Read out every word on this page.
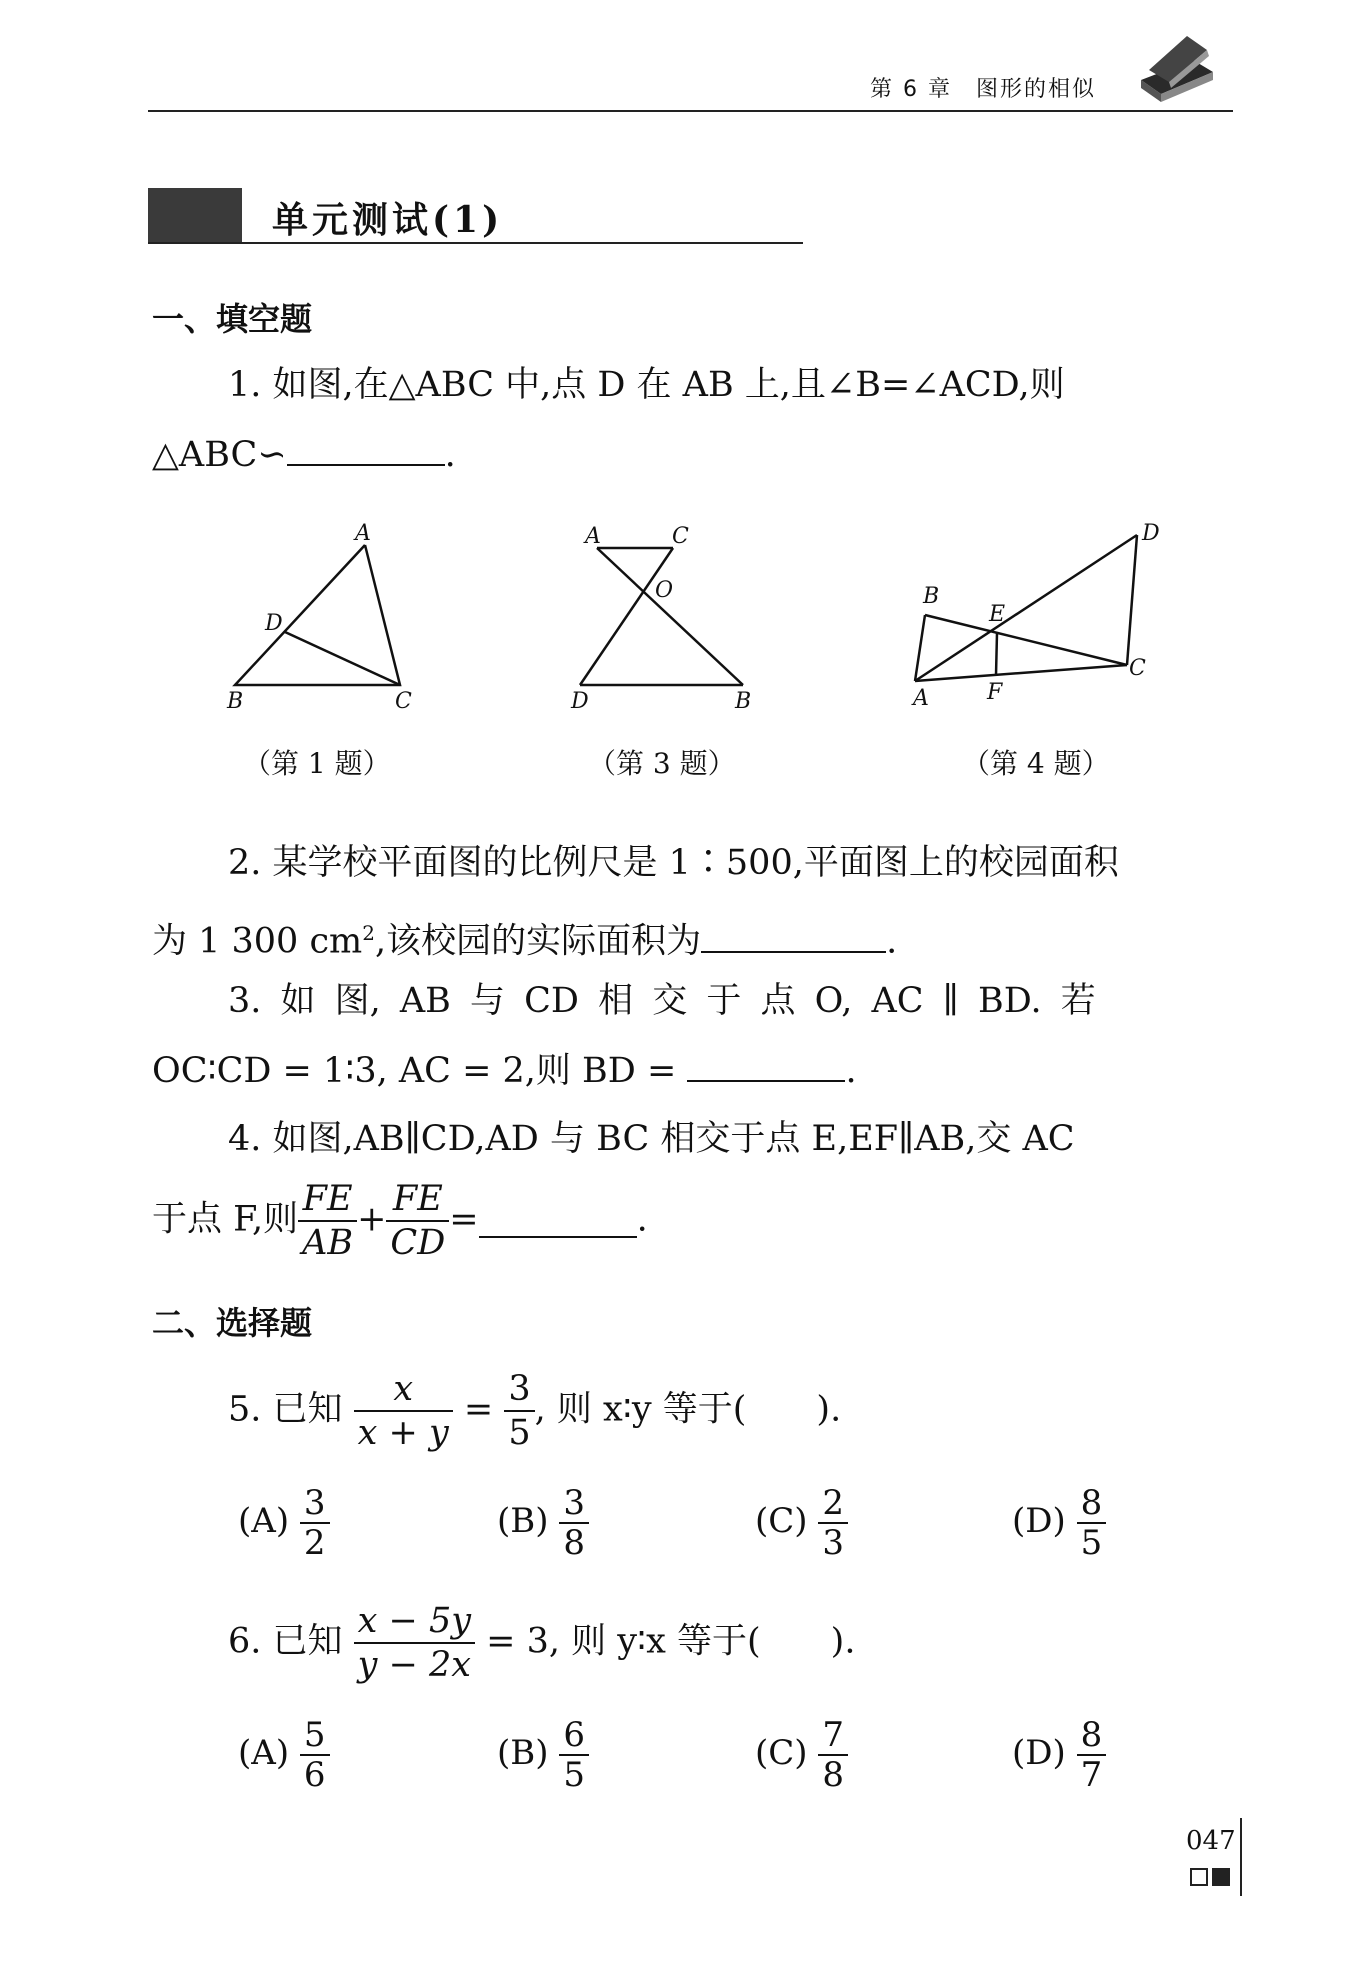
第 6 章　图形的相似
单元测试(1)
一、填空题
1. 如图,在△ABC 中,点 D 在 AB 上,且∠B=∠ACD,则
△ABC∽	.
A
D
B	C
（第 1 题）
A	C
O
D	B
（第 3 题）
D
B
E
C
F
A
（第 4 题）
2. 某学校平面图的比例尺是 1∶500,平面图上的校园面积
为 1 300 $cm^2$,该校园的实际面积为	.
3. 如 图, AB 与 CD 相 交 于 点 O, AC ∥ BD. 若
OC∶CD = 1∶3, AC = 2,则 BD =	.
4. 如图,AB∥CD,AD 与 BC 相交于点 E,EF∥AB,交 AC
于点 F,则 $\frac{FE}{AB} + \frac{FE}{CD}$ =	.
二、选择题
5. 已知 $\frac{x}{x + y} = \frac{3}{5}$ , 则 x∶y 等于(　　).
$(A) \frac{3}{2}$	$(B) \frac{3}{8}$	$(C) \frac{2}{3}$	$(D) \frac{8}{5}$
6. 已知 $\frac{x - 5y}{y - 2x} = 3$, 则 y∶x 等于(　　).
$(A) \frac{5}{6}$	$(B) \frac{6}{5}$	$(C) \frac{7}{8}$	$(D) \frac{8}{7}$
047
